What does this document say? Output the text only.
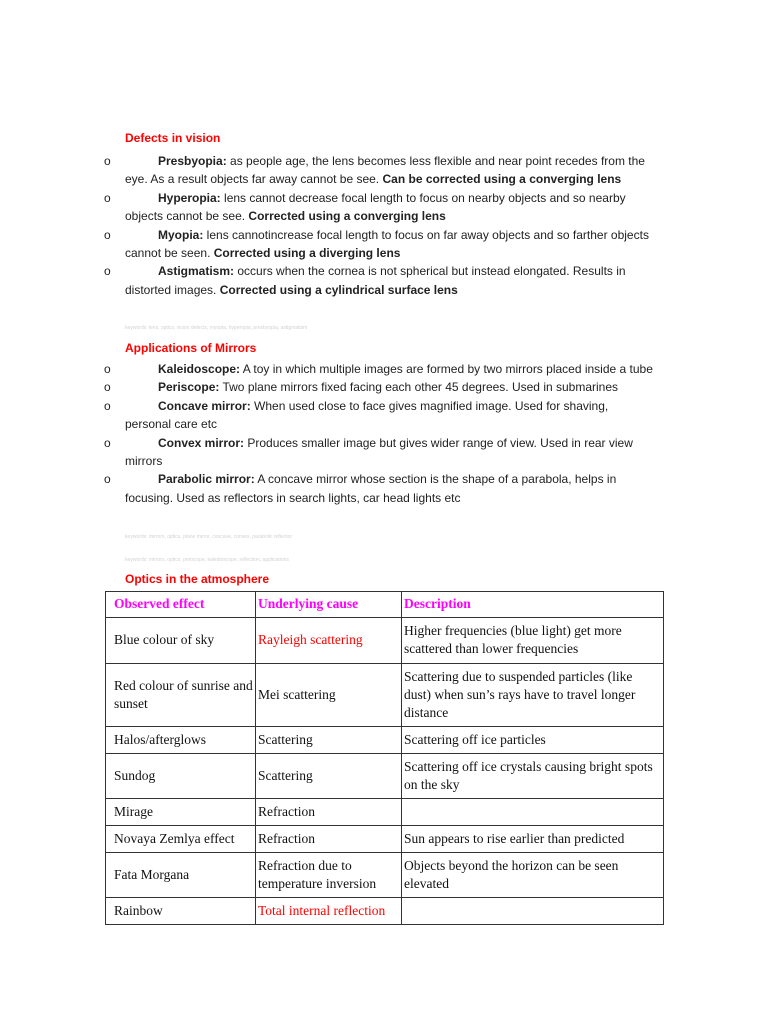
Defects in vision
o	Presbyopia: as people age, the lens becomes less flexible and near point recedes from the eye. As a result objects far away cannot be see. Can be corrected using a converging lens
o	Hyperopia: lens cannot decrease focal length to focus on nearby objects and so nearby objects cannot be see. Corrected using a converging lens
o	Myopia: lens cannotincrease focal length to focus on far away objects and so farther objects cannot be seen. Corrected using a diverging lens
o	Astigmatism: occurs when the cornea is not spherical but instead elongated. Results in distorted images. Corrected using a cylindrical surface lens

keywords: lens, optics, vision defects, myopia, hyperopia, presbyopia, astigmatism

Applications of Mirrors
o	Kaleidoscope: A toy in which multiple images are formed by two mirrors placed inside a tube
o	Periscope: Two plane mirrors fixed facing each other 45 degrees. Used in submarines
o	Concave mirror: When used close to face gives magnified image. Used for shaving, personal care etc
o	Convex mirror: Produces smaller image but gives wider range of view. Used in rear view mirrors
o	Parabolic mirror: A concave mirror whose section is the shape of a parabola, helps in focusing. Used as reflectors in search lights, car head lights etc

keywords: mirrors, optics, plane mirror, concave, convex, parabolic reflector

keywords: mirrors, optics, periscope, kaleidoscope, reflection, applications

Optics in the atmosphere
Observed effect	Underlying cause	Description
Blue colour of sky	Rayleigh scattering	Higher frequencies (blue light) get more scattered than lower frequencies
Red colour of sunrise and sunset	Mei scattering	Scattering due to suspended particles (like dust) when sun’s rays have to travel longer distance
Halos/afterglows	Scattering	Scattering off ice particles
Sundog	Scattering	Scattering off ice crystals causing bright spots on the sky
Mirage	Refraction	
Novaya Zemlya effect	Refraction	Sun appears to rise earlier than predicted
Fata Morgana	Refraction due to temperature inversion	Objects beyond the horizon can be seen elevated
Rainbow	Total internal reflection	
